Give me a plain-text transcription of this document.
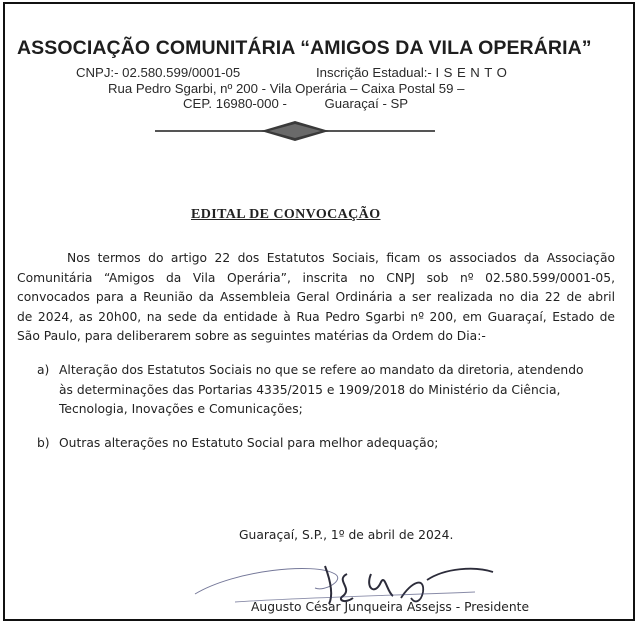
ASSOCIAÇÃO COMUNITÁRIA “AMIGOS DA VILA OPERÁRIA”
CNPJ:- 02.580.599/0001-05	Inscrição Estadual:- ISENTO
Rua Pedro Sgarbi, nº 200 - Vila Operária – Caixa Postal 59 –
CEP. 16980-000 -	Guaraçaí - SP
EDITAL DE CONVOCAÇÃO
Nos termos do artigo 22 dos Estatutos Sociais, ficam os associados da Associação
Comunitária “Amigos da Vila Operária”, inscrita no CNPJ sob nº 02.580.599/0001-05,
convocados para a Reunião da Assembleia Geral Ordinária a ser realizada no dia 22 de abril
de 2024, as 20h00, na sede da entidade à Rua Pedro Sgarbi nº 200, em Guaraçaí, Estado de
São Paulo, para deliberarem sobre as seguintes matérias da Ordem do Dia:-
a) Alteração dos Estatutos Sociais no que se refere ao mandato da diretoria, atendendo
às determinações das Portarias 4335/2015 e 1909/2018 do Ministério da Ciência,
Tecnologia, Inovações e Comunicações;
b) Outras alterações no Estatuto Social para melhor adequação;
Guaraçaí, S.P., 1º de abril de 2024.
Augusto César Junqueira Assejss - Presidente
